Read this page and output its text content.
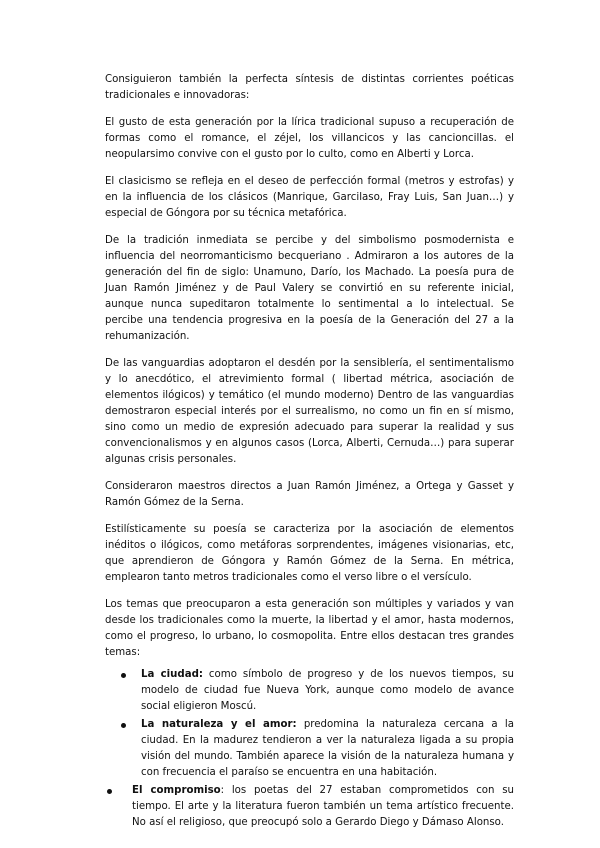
Consiguieron también la perfecta síntesis de distintas corrientes poéticas tradicionales e innovadoras:

El gusto de esta generación por la lírica tradicional supuso a recuperación de formas como el romance, el zéjel, los villancicos y las cancioncillas. el neopularsimo convive con el gusto por lo culto, como en Alberti y Lorca.

El clasicismo se refleja en el deseo de perfección formal (metros y estrofas) y en la influencia de los clásicos (Manrique, Garcilaso, Fray Luis, San Juan…) y especial de Góngora por su técnica metafórica.

De la tradición inmediata se percibe y del simbolismo posmodernista e influencia del neorromanticismo becqueriano . Admiraron a los autores de la generación del fin de siglo: Unamuno, Darío, los Machado. La poesía pura de Juan Ramón Jiménez y de Paul Valery se convirtió en su referente inicial, aunque nunca supeditaron totalmente lo sentimental a lo intelectual. Se percibe una tendencia progresiva en la poesía de la Generación del 27 a la rehumanización.

De las vanguardias adoptaron el desdén por la sensiblería, el sentimentalismo y lo anecdótico, el atrevimiento formal ( libertad métrica, asociación de elementos ilógicos) y temático (el mundo moderno) Dentro de las vanguardias demostraron especial interés por el surrealismo, no como un fin en sí mismo, sino como un medio de expresión adecuado para superar la realidad y sus convencionalismos y en algunos casos (Lorca, Alberti, Cernuda…) para superar algunas crisis personales.

Consideraron maestros directos a Juan Ramón Jiménez, a Ortega y Gasset y Ramón Gómez de la Serna.

Estilísticamente su poesía se caracteriza por la asociación de elementos inéditos o ilógicos, como metáforas sorprendentes, imágenes visionarias, etc, que aprendieron de Góngora y Ramón Gómez de la Serna. En métrica, emplearon tanto metros tradicionales como el verso libre o el versículo.

Los temas que preocuparon a esta generación son múltiples y variados y van desde los tradicionales como la muerte, la libertad y el amor, hasta modernos, como el progreso, lo urbano, lo cosmopolita. Entre ellos destacan tres grandes temas:

La ciudad: como símbolo de progreso y de los nuevos tiempos, su modelo de ciudad fue Nueva York, aunque como modelo de avance social eligieron Moscú.
La naturaleza y el amor: predomina la naturaleza cercana a la ciudad. En la madurez tendieron a ver la naturaleza ligada a su propia visión del mundo. También aparece la visión de la naturaleza humana y con frecuencia el paraíso se encuentra en una habitación.
El compromiso: los poetas del 27 estaban comprometidos con su tiempo. El arte y la literatura fueron también un tema artístico frecuente. No así el religioso, que preocupó solo a Gerardo Diego y Dámaso Alonso.
